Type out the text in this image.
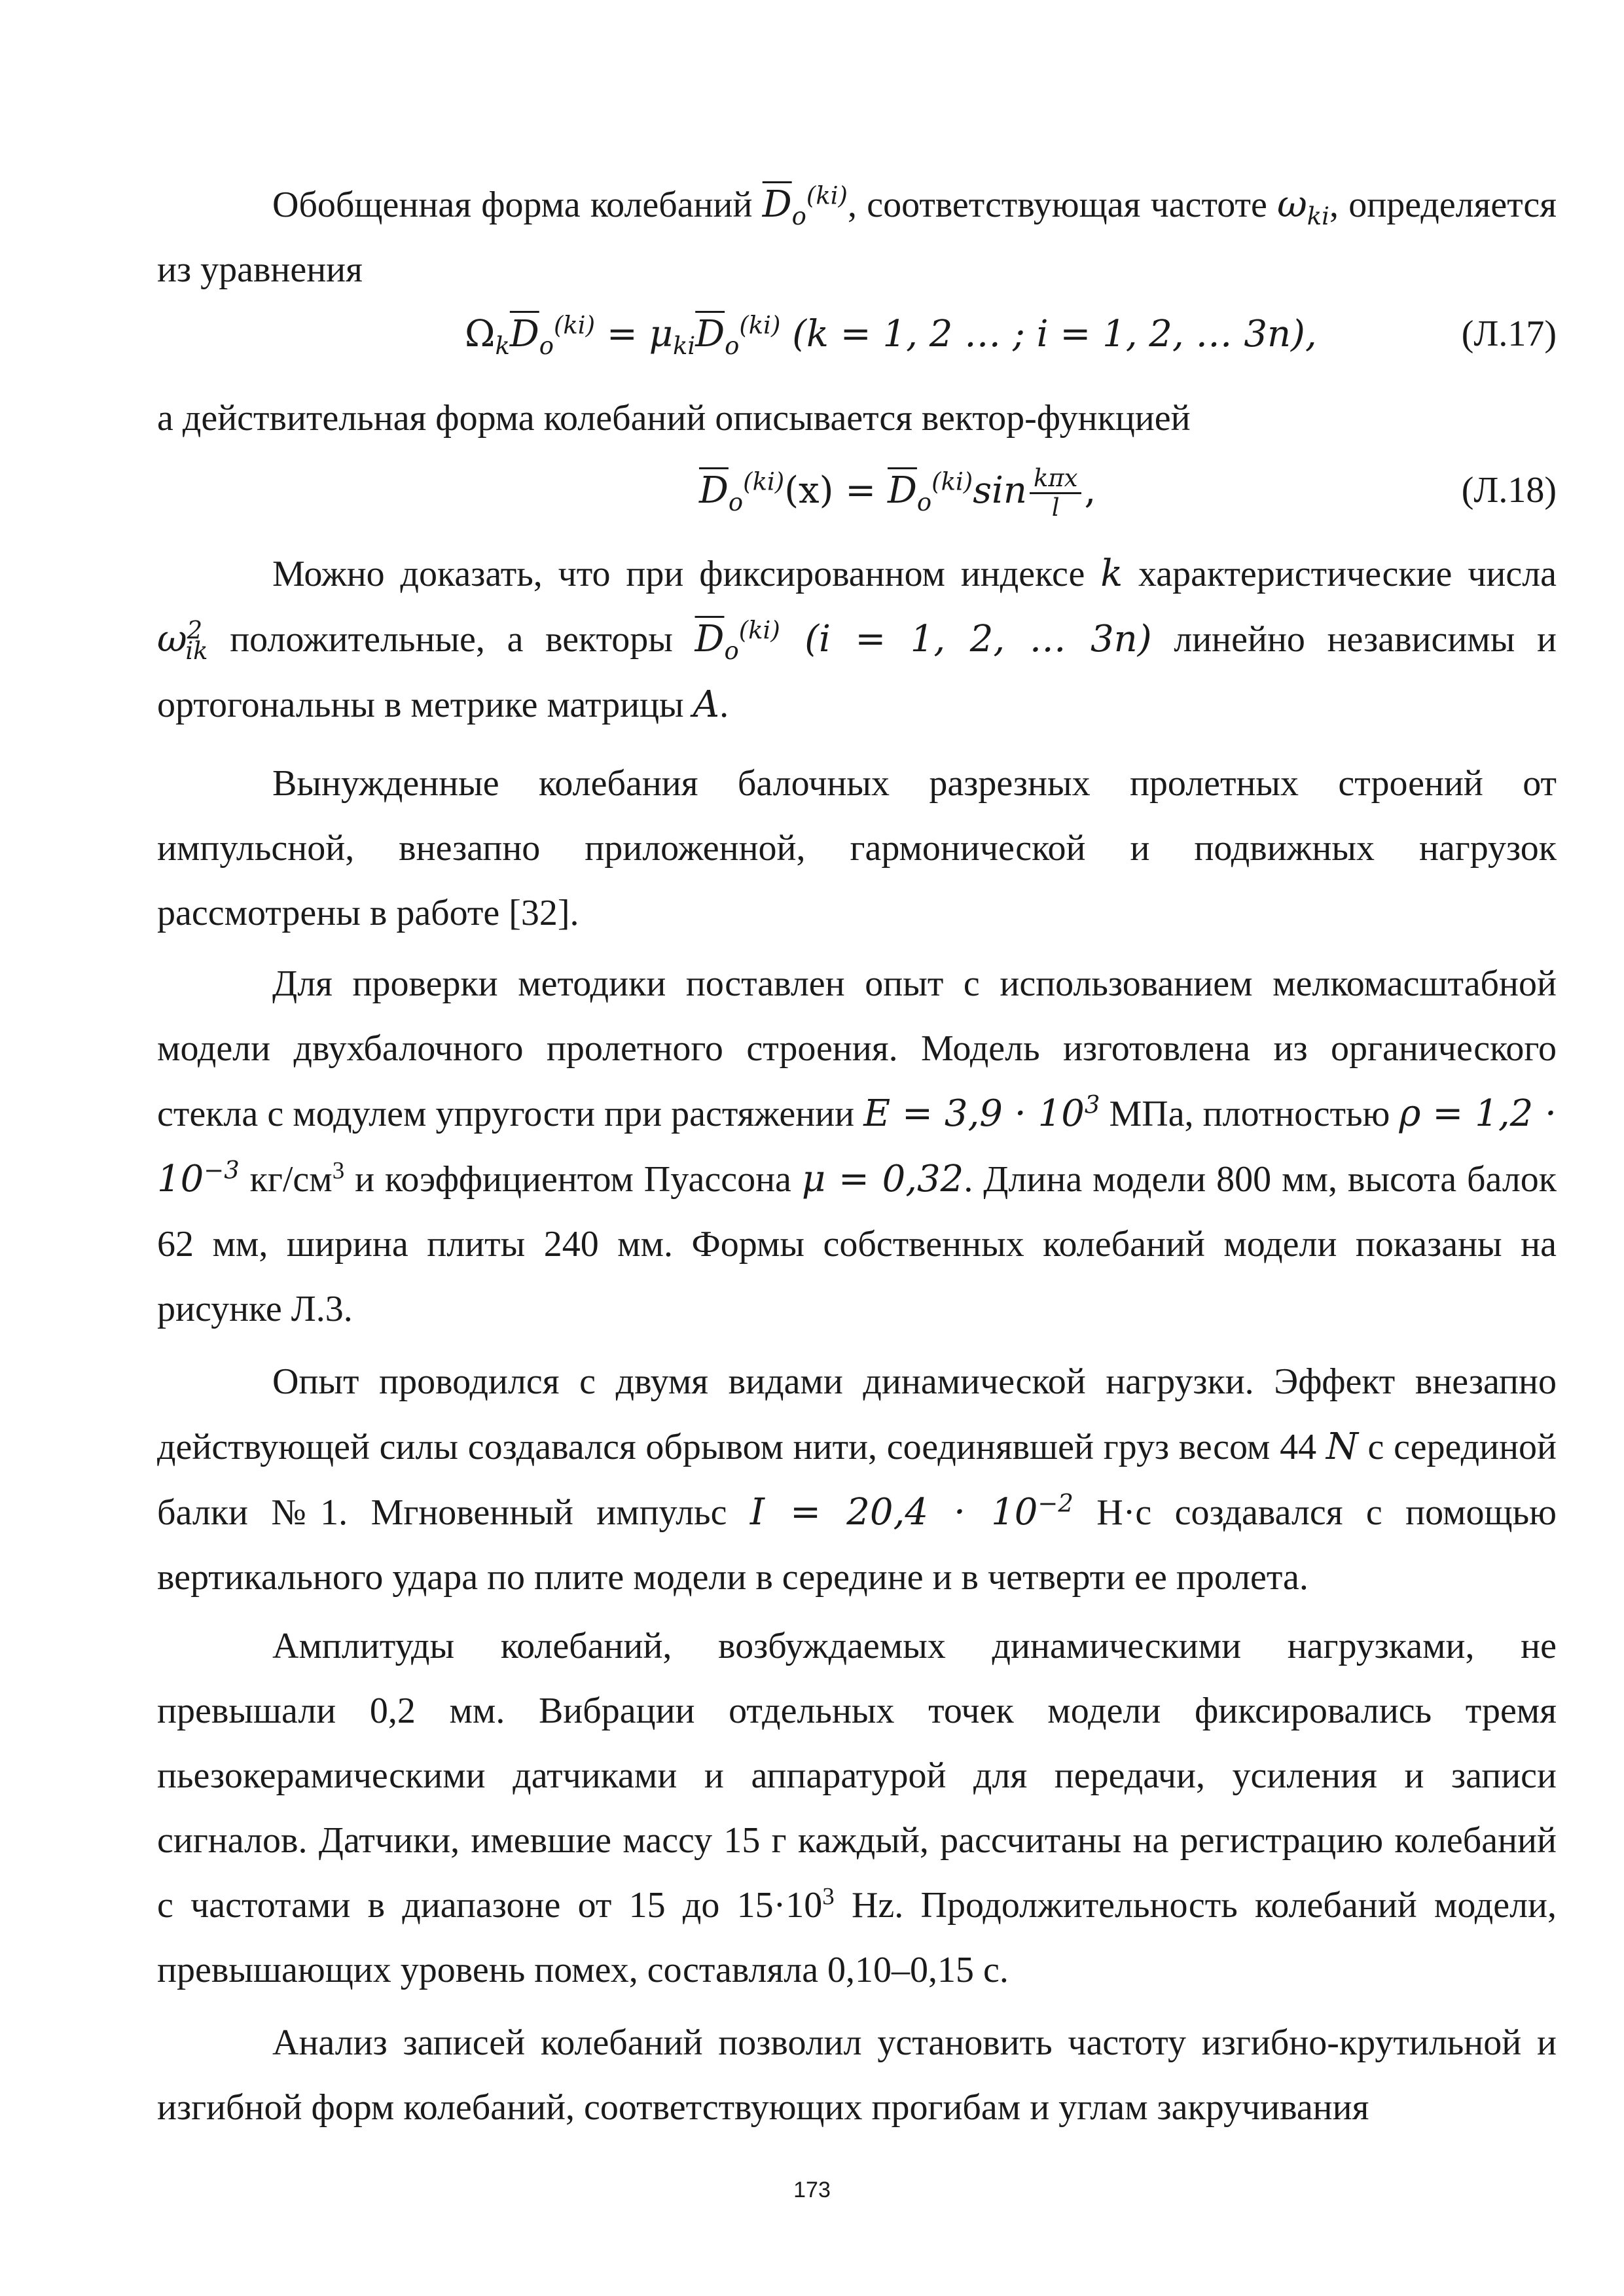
Обобщенная форма колебаний $\overline{D}_o^{(ki)}$, соответствующая частоте $\omega_{ki}$, определяется из уравнения

$\Omega_k\overline{D}_o^{(ki)} = \mu_{ki}\overline{D}_o^{(ki)}$ (k = 1, 2 … ; i = 1, 2, … 3n),	(Л.17)

а действительная форма колебаний описывается вектор-функцией

$\overline{D}_o^{(ki)}(x) = \overline{D}_o^{(ki)}\sin \frac{\text{kπx}}{l}$ ,	(Л.18)

Можно доказать, что при фиксированном индексе k характеристические числа $\omega^2_{ik}$ положительные, а векторы $\overline{D}_o^{(ki)}$ (i = 1, 2, … 3n) линейно независимы и ортогональны в метрике матрицы A.

Вынужденные колебания балочных разрезных пролетных строений от импульсной, внезапно приложенной, гармонической и подвижных нагрузок рассмотрены в работе [32].

Для проверки методики поставлен опыт с использованием мелкомасштабной модели двухбалочного пролетного строения. Модель изготовлена из органического стекла с модулем упругости при растяжении $E = 3,9 \cdot 10^3$ МПа, плотностью $\rho = 1,2 \cdot 10^{-3}$ $кг/см^3$ и коэффициентом Пуассона μ = 0,32. Длина модели 800 мм, высота балок 62 мм, ширина плиты 240 мм. Формы собственных колебаний модели показаны на рисунке Л.3.

Опыт проводился с двумя видами динамической нагрузки. Эффект внезапно действующей силы создавался обрывом нити, соединявшей груз весом 44 N с серединой балки №1. Мгновенный импульс $I = 20,4 \cdot 10^{-2}$ Н·с создавался с помощью вертикального удара по плите модели в середине и в четверти ее пролета.

Амплитуды колебаний, возбуждаемых динамическими нагрузками, не превышали 0,2 мм. Вибрации отдельных точек модели фиксировались тремя пьезокерамическими датчиками и аппаратурой для передачи, усиления и записи сигналов. Датчики, имевшие массу 15 г каждый, рассчитаны на регистрацию колебаний с частотами в диапазоне от 15 до $15\cdot 10^3$ Hz. Продолжительность колебаний модели, превышающих уровень помех, составляла 0,10–0,15 с.

Анализ записей колебаний позволил установить частоту изгибно-крутильной и изгибной форм колебаний, соответствующих прогибам и углам закручивания

173
